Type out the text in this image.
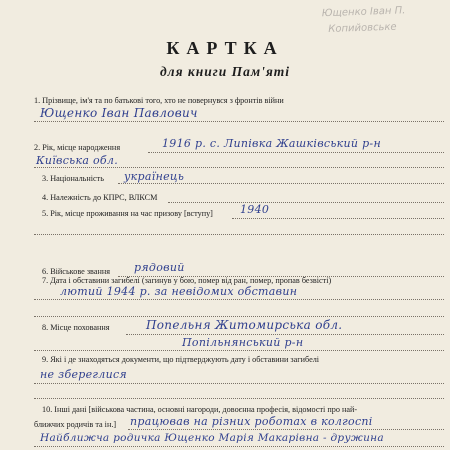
Ющенко Іван П.
Копийовське
КАРТКА
для книги Пам'яті
1. Прізвище, ім'я та по батькові того, хто не повернувся з фронтів війни
Ющенко Іван Павлович
2. Рік, місце народження	1916 р. с. Липівка Жашківський р-н
Київська обл.
3. Національність українець
4. Належність до КПРС, ВЛКСМ
5. Рік, місце проживання на час призову [вступу] 1940
6. Військове звання рядовий
7. Дата і обставини загибелі (загинув у бою, помер від ран, помер, пропав безвісті)
лютий 1944 р. за невідомих обставин
8. Місце поховання	Попельня Житомирська обл.
Попільнянський р-н
9. Які і де знаходяться документи, що підтверджують дату і обставини загибелі
не збереглися
10. Інші дані [військова частина, основні нагороди, довоєнна професія, відомості про най-
ближчих родичів та ін.] працював на різних роботах в колгоспі
Найближча родичка Ющенко Марія Макарівна - дружина
